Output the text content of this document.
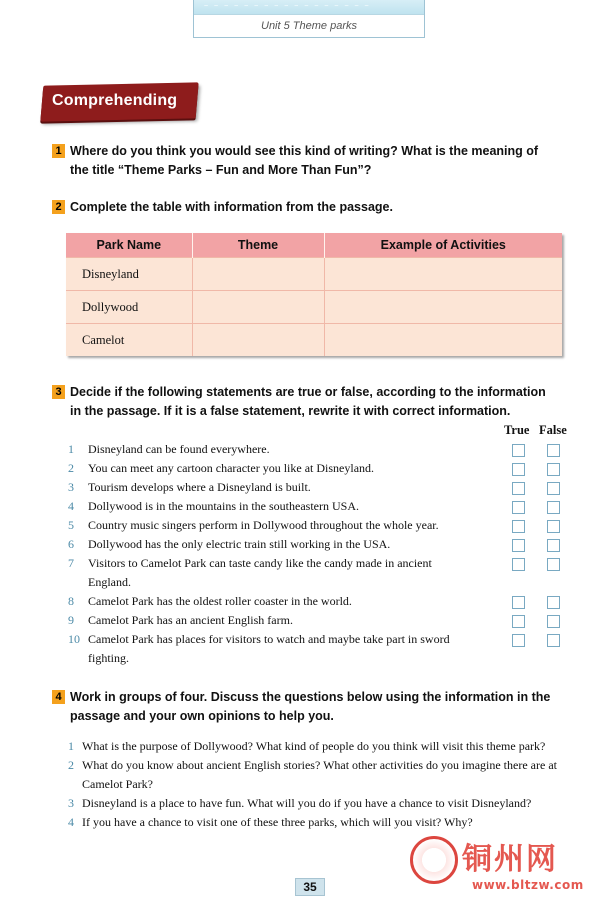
~ ~ ~ ~ ~ ~ ~ ~ ~ ~ ~ ~ ~ ~ ~ ~ ~
Unit 5 Theme parks
Comprehending
1 Where do you think you would see this kind of writing? What is the meaning of
the title “Theme Parks – Fun and More Than Fun”?
2 Complete the table with information from the passage.
Park Name	Theme	Example of Activities
Disneyland		
Dollywood		
Camelot		
3 Decide if the following statements are true or false, according to the information
in the passage. If it is a false statement, rewrite it with correct information.
True False
1	Disneyland can be found everywhere.
2	You can meet any cartoon character you like at Disneyland.
3	Tourism develops where a Disneyland is built.
4	Dollywood is in the mountains in the southeastern USA.
5	Country music singers perform in Dollywood throughout the whole year.
6	Dollywood has the only electric train still working in the USA.
7	Visitors to Camelot Park can taste candy like the candy made in ancient England.
8	Camelot Park has the oldest roller coaster in the world.
9	Camelot Park has an ancient English farm.
10 Camelot Park has places for visitors to watch and maybe take part in sword fighting.
4 Work in groups of four. Discuss the questions below using the information in the
passage and your own opinions to help you.
1 What is the purpose of Dollywood? What kind of people do you think will visit this theme park?
2 What do you know about ancient English stories? What other activities do you imagine there are at Camelot Park?
3 Disneyland is a place to have fun. What will you do if you have a chance to visit Disneyland?
4 If you have a chance to visit one of these three parks, which will you visit? Why?
35
铜州网
www.bltzw.com
